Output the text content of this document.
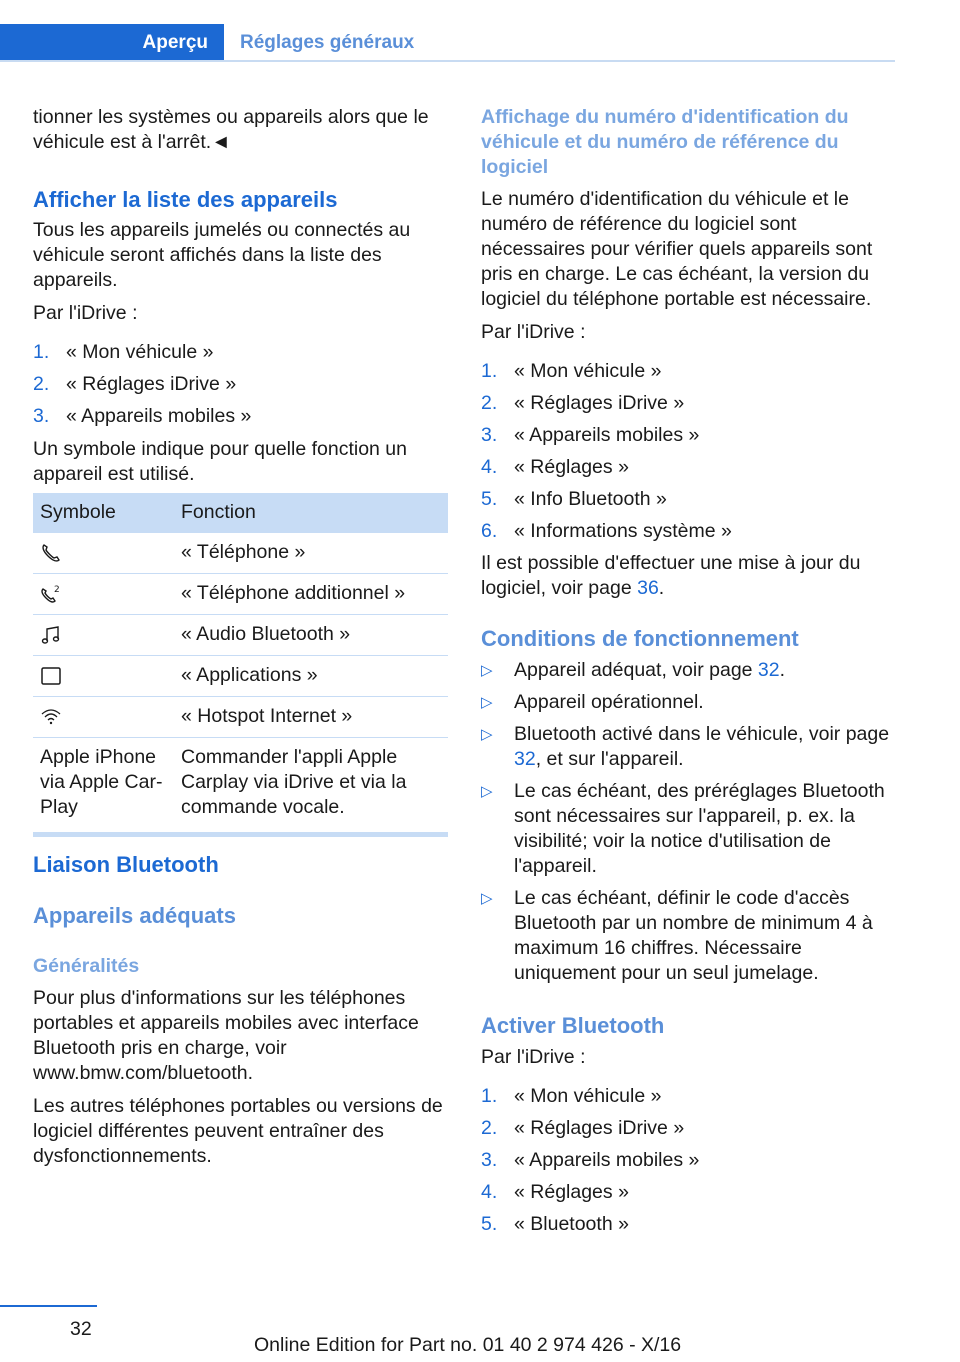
Aperçu Réglages généraux

tionner les systèmes ou appareils alors que le véhicule est à l'arrêt.◄

Afficher la liste des appareils

Tous les appareils jumelés ou connectés au véhicule seront affichés dans la liste des appareils.

Par l'iDrive :

1. « Mon véhicule »
2. « Réglages iDrive »
3. « Appareils mobiles »

Un symbole indique pour quelle fonction un appareil est utilisé.

Symbole	Fonction
	« Téléphone »

2	« Téléphone additionnel »
	« Audio Bluetooth »
	« Applications »
	« Hotspot Internet »
Apple iPhone via Apple Car-Play	Commander l'appli Apple Carplay via iDrive et via la commande vocale.
Liaison Bluetooth
Appareils adéquats
Généralités

Pour plus d'informations sur les téléphones portables et appareils mobiles avec interface Bluetooth pris en charge, voir www.bmw.com/bluetooth.

Les autres téléphones portables ou versions de logiciel différentes peuvent entraîner des dysfonctionnements.

Affichage du numéro d'identification du véhicule et du numéro de référence du logiciel

Le numéro d'identification du véhicule et le numéro de référence du logiciel sont nécessaires pour vérifier quels appareils sont pris en charge. Le cas échéant, la version du logiciel du téléphone portable est nécessaire.

Par l'iDrive :

1. « Mon véhicule »
2. « Réglages iDrive »
3. « Appareils mobiles »
4. « Réglages »
5. « Info Bluetooth »
6. « Informations système »

Il est possible d'effectuer une mise à jour du logiciel, voir page 36.

Conditions de fonctionnement
▷	Appareil adéquat, voir page 32.
▷	Appareil opérationnel.
▷	Bluetooth activé dans le véhicule, voir page 32, et sur l'appareil.
▷	Le cas échéant, des préréglages Bluetooth sont nécessaires sur l'appareil, p. ex. la visibilité; voir la notice d'utilisation de l'appareil.
▷	Le cas échéant, définir le code d'accès Bluetooth par un nombre de minimum 4 à maximum 16 chiffres. Nécessaire uniquement pour un seul jumelage.
Activer Bluetooth

Par l'iDrive :

1. « Mon véhicule »
2. « Réglages iDrive »
3. « Appareils mobiles »
4. « Réglages »
5. « Bluetooth »
32
Online Edition for Part no. 01 40 2 974 426 - X/16
